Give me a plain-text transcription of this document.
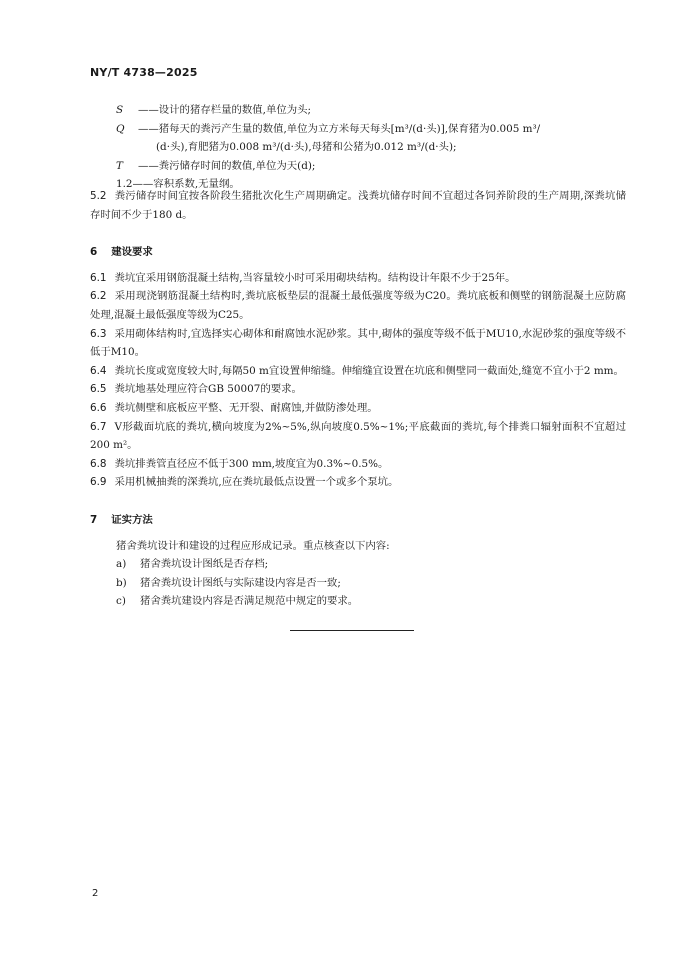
NY/T 4738—2025
S	——设计的猪存栏量的数值,单位为头;
Q	——猪每天的粪污产生量的数值,单位为立方米每天每头[m³/(d·头)],保育猪为0.005 m³/
(d·头),育肥猪为0.008 m³/(d·头),母猪和公猪为0.012 m³/(d·头);
T	——粪污储存时间的数值,单位为天(d);
1.2——容积系数,无量纲。

5.2 粪污储存时间宜按各阶段生猪批次化生产周期确定。浅粪坑储存时间不宜超过各饲养阶段的生产周期,深粪坑储存时间不少于180 d。

6 建设要求

6.1 粪坑宜采用钢筋混凝土结构,当容量较小时可采用砌块结构。结构设计年限不少于25年。

6.2 采用现浇钢筋混凝土结构时,粪坑底板垫层的混凝土最低强度等级为C20。粪坑底板和侧壁的钢筋混凝土应防腐处理,混凝土最低强度等级为C25。

6.3 采用砌体结构时,宜选择实心砌体和耐腐蚀水泥砂浆。其中,砌体的强度等级不低于MU10,水泥砂浆的强度等级不低于M10。

6.4 粪坑长度或宽度较大时,每隔50 m宜设置伸缩缝。伸缩缝宜设置在坑底和侧壁同一截面处,缝宽不宜小于2 mm。

6.5 粪坑地基处理应符合GB 50007的要求。

6.6 粪坑侧壁和底板应平整、无开裂、耐腐蚀,并做防渗处理。

6.7 V形截面坑底的粪坑,横向坡度为2%~5%,纵向坡度0.5%~1%;平底截面的粪坑,每个排粪口辐射面积不宜超过200 m²。

6.8 粪坑排粪管直径应不低于300 mm,坡度宜为0.3%~0.5%。

6.9 采用机械抽粪的深粪坑,应在粪坑最低点设置一个或多个泵坑。

7 证实方法

猪舍粪坑设计和建设的过程应形成记录。重点核查以下内容:

a)	猪舍粪坑设计图纸是否存档;
b)	猪舍粪坑设计图纸与实际建设内容是否一致;
c)	猪舍粪坑建设内容是否满足规范中规定的要求。
2
